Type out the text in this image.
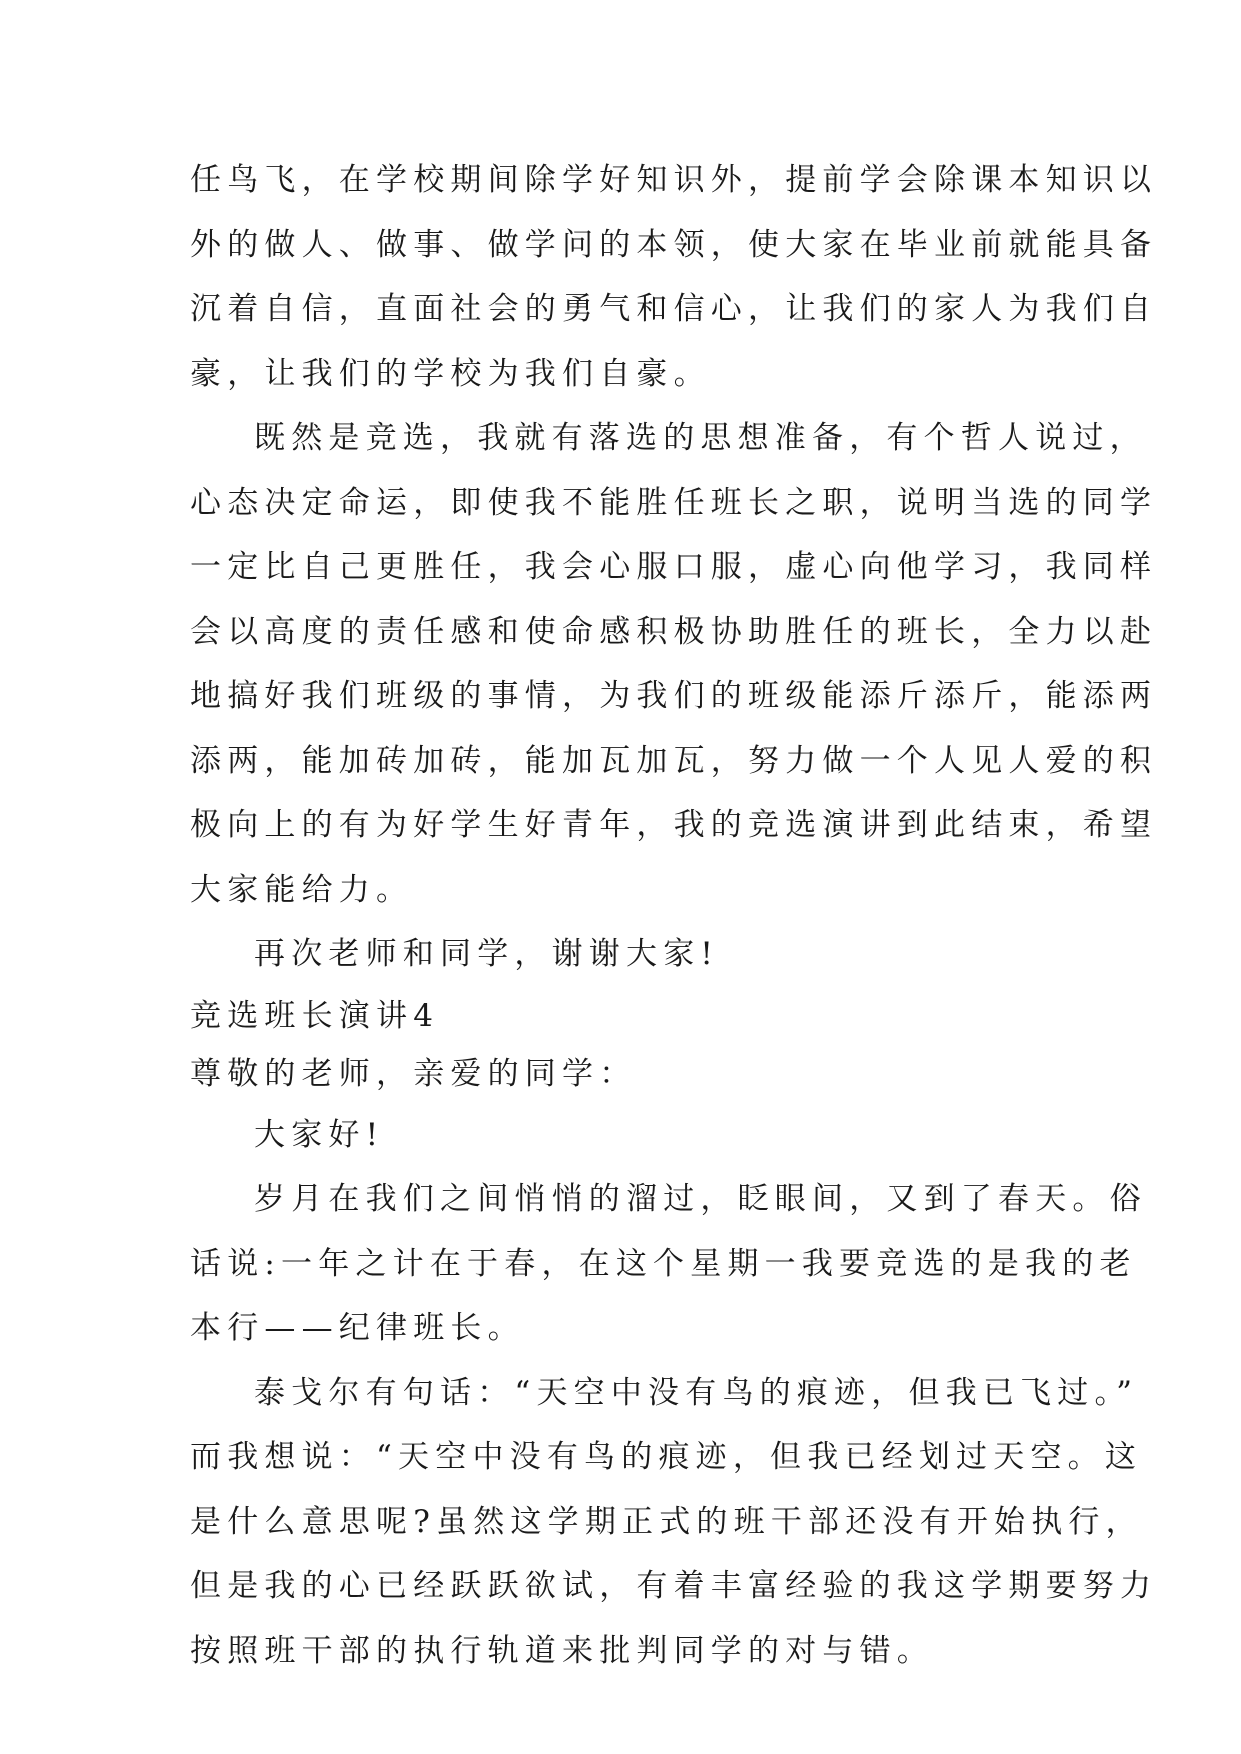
任鸟飞，在学校期间除学好知识外，提前学会除课本知识以
外的做人、做事、做学问的本领，使大家在毕业前就能具备
沉着自信，直面社会的勇气和信心，让我们的家人为我们自
豪，让我们的学校为我们自豪。
既然是竞选，我就有落选的思想准备，有个哲人说过，
心态决定命运，即使我不能胜任班长之职，说明当选的同学
一定比自己更胜任，我会心服口服，虚心向他学习，我同样
会以高度的责任感和使命感积极协助胜任的班长，全力以赴
地搞好我们班级的事情，为我们的班级能添斤添斤，能添两
添两，能加砖加砖，能加瓦加瓦，努力做一个人见人爱的积
极向上的有为好学生好青年，我的竞选演讲到此结束，希望
大家能给力。
再次老师和同学，谢谢大家!
竞选班长演讲4
尊敬的老师，亲爱的同学：
大家好!
岁月在我们之间悄悄的溜过，眨眼间，又到了春天。俗
话说:一年之计在于春，在这个星期一我要竞选的是我的老
本行——纪律班长。
泰戈尔有句话：“天空中没有鸟的痕迹，但我已飞过。”
而我想说：“天空中没有鸟的痕迹，但我已经划过天空。这
是什么意思呢?虽然这学期正式的班干部还没有开始执行，
但是我的心已经跃跃欲试，有着丰富经验的我这学期要努力
按照班干部的执行轨道来批判同学的对与错。
